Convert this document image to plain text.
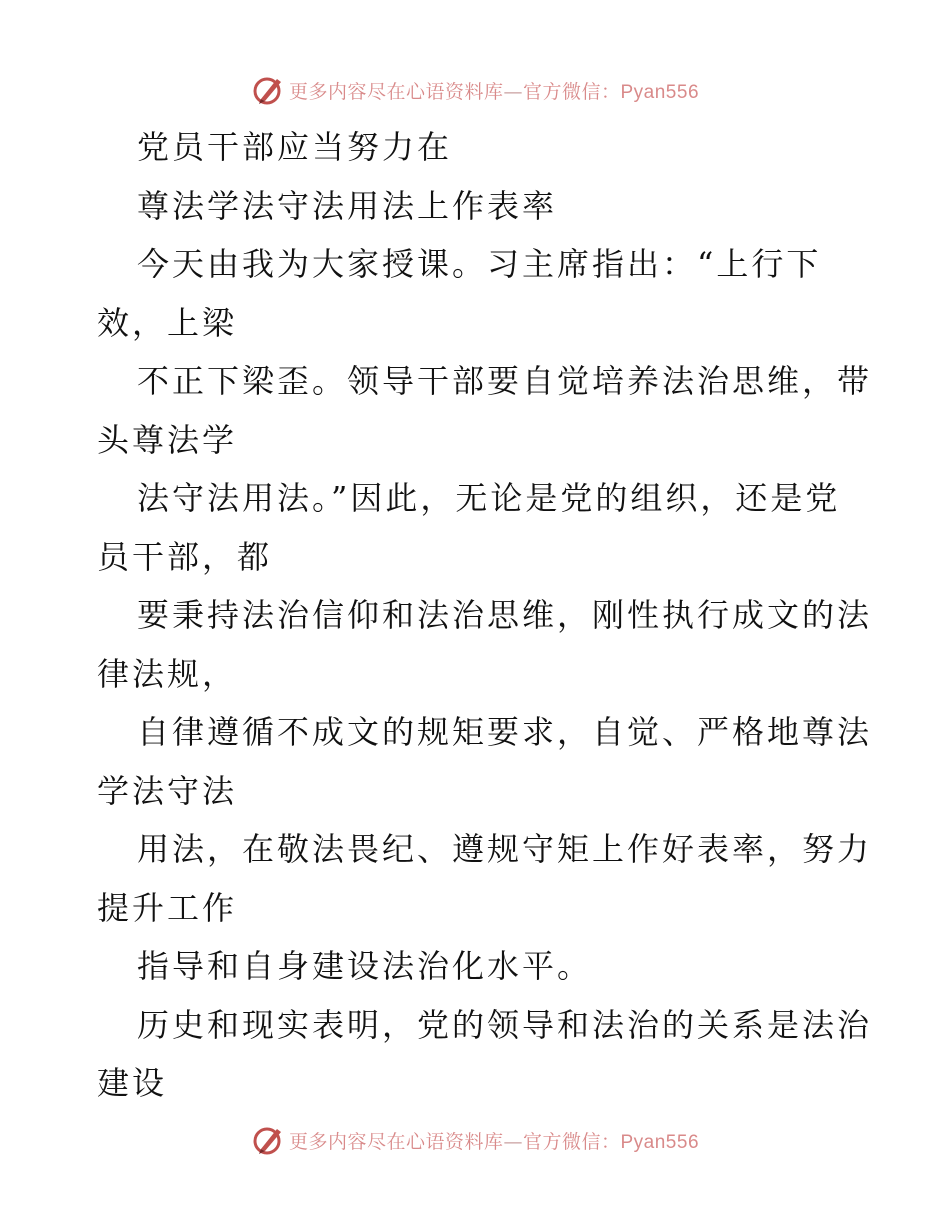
更多内容尽在心语资料库—官方微信：Pyan556
党员干部应当努力在
尊法学法守法用法上作表率
今天由我为大家授课。习主席指出：“上行下
效，上梁
不正下梁歪。领导干部要自觉培养法治思维，带
头尊法学
法守法用法。”因此，无论是党的组织，还是党
员干部，都
要秉持法治信仰和法治思维，刚性执行成文的法
律法规，
自律遵循不成文的规矩要求，自觉、严格地尊法
学法守法
用法，在敬法畏纪、遵规守矩上作好表率，努力
提升工作
指导和自身建设法治化水平。
历史和现实表明，党的领导和法治的关系是法治
建设
更多内容尽在心语资料库—官方微信：Pyan556
